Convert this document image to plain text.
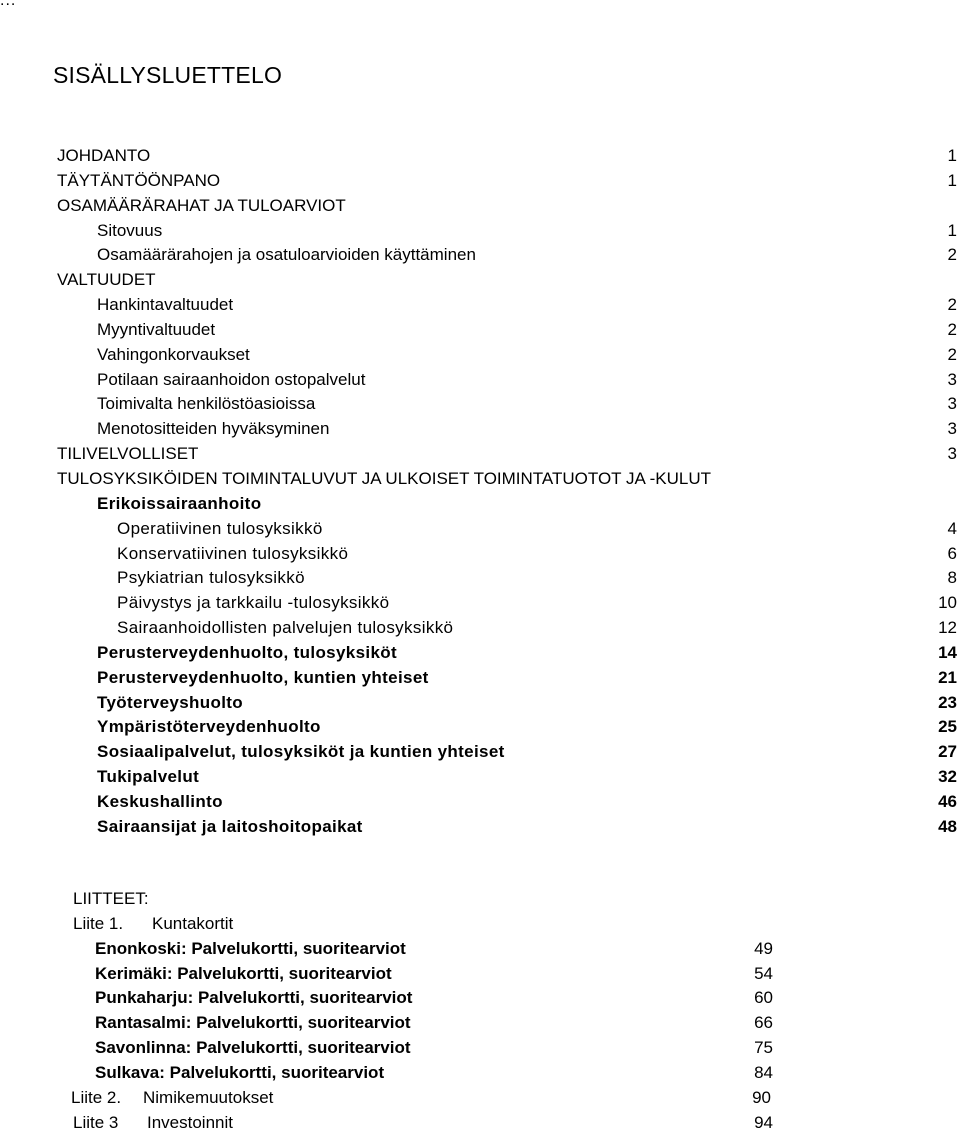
...
SISÄLLYSLUETTELO
JOHDANTO	1
TÄYTÄNTÖÖNPANO	1
OSAMÄÄRÄRAHAT JA TULOARVIOT
Sitovuus	1
Osamäärärahojen ja osatuloarvioiden käyttäminen	2
VALTUUDET
Hankintavaltuudet	2
Myyntivaltuudet	2
Vahingonkorvaukset	2
Potilaan sairaanhoidon ostopalvelut	3
Toimivalta henkilöstöasioissa	3
Menotositteiden hyväksyminen	3
TILIVELVOLLISET	3
TULOSYKSIKÖIDEN TOIMINTALUVUT JA ULKOISET TOIMINTATUOTOT JA -KULUT
Erikoissairaanhoito
Operatiivinen tulosyksikkö	4
Konservatiivinen tulosyksikkö	6
Psykiatrian tulosyksikkö	8
Päivystys ja tarkkailu -tulosyksikkö	10
Sairaanhoidollisten palvelujen tulosyksikkö	12
Perusterveydenhuolto, tulosyksiköt	14
Perusterveydenhuolto, kuntien yhteiset	21
Työterveyshuolto	23
Ympäristöterveydenhuolto	25
Sosiaalipalvelut, tulosyksiköt ja kuntien yhteiset	27
Tukipalvelut	32
Keskushallinto	46
Sairaansijat ja laitoshoitopaikat	48
LIITTEET:
Liite 1. Kuntakortit
Enonkoski: Palvelukortti, suoritearviot	49
Kerimäki: Palvelukortti, suoritearviot	54
Punkaharju: Palvelukortti, suoritearviot	60
Rantasalmi: Palvelukortti, suoritearviot	66
Savonlinna: Palvelukortti, suoritearviot	75
Sulkava: Palvelukortti, suoritearviot	84
Liite 2. Nimikemuutokset	90
Liite 3 Investoinnit	94
